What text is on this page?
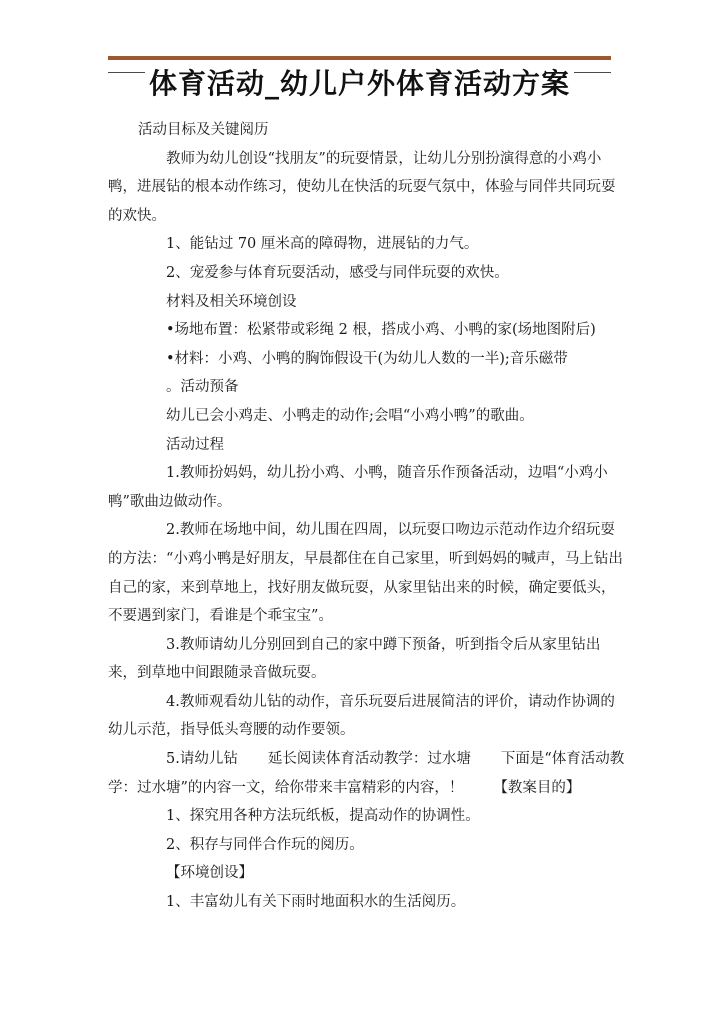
体育活动_幼儿户外体育活动方案

活动目标及关键阅历

教师为幼儿创设“找朋友”的玩耍情景，让幼儿分别扮演得意的小鸡小鸭，进展钻的根本动作练习，使幼儿在快活的玩耍气氛中，体验与同伴共同玩耍的欢快。

1、能钻过 70 厘米高的障碍物，进展钻的力气。

2、宠爱参与体育玩耍活动，感受与同伴玩耍的欢快。

材料及相关环境创设

•场地布置：松紧带或彩绳 2 根，搭成小鸡、小鸭的家(场地图附后)

•材料：小鸡、小鸭的胸饰假设干(为幼儿人数的一半);音乐磁带

。活动预备

幼儿已会小鸡走、小鸭走的动作;会唱“小鸡小鸭”的歌曲。

活动过程

1.教师扮妈妈，幼儿扮小鸡、小鸭，随音乐作预备活动，边唱“小鸡小鸭”歌曲边做动作。

2.教师在场地中间，幼儿围在四周，以玩耍口吻边示范动作边介绍玩耍的方法：“小鸡小鸭是好朋友，早晨都住在自己家里，听到妈妈的喊声，马上钻出自己的家，来到草地上，找好朋友做玩耍，从家里钻出来的时候，确定要低头，不要遇到家门，看谁是个乖宝宝”。

3.教师请幼儿分别回到自己的家中蹲下预备，听到指令后从家里钻出来，到草地中间跟随录音做玩耍。

4.教师观看幼儿钻的动作，音乐玩耍后进展简洁的评价，请动作协调的幼儿示范，指导低头弯腰的动作要领。

5.请幼儿钻 延长阅读体育活动教学：过水塘 下面是“体育活动教学：过水塘”的内容一文，给你带来丰富精彩的内容，！ 【教案目的】

1、探究用各种方法玩纸板，提高动作的协调性。

2、积存与同伴合作玩的阅历。

【环境创设】

1、丰富幼儿有关下雨时地面积水的生活阅历。
